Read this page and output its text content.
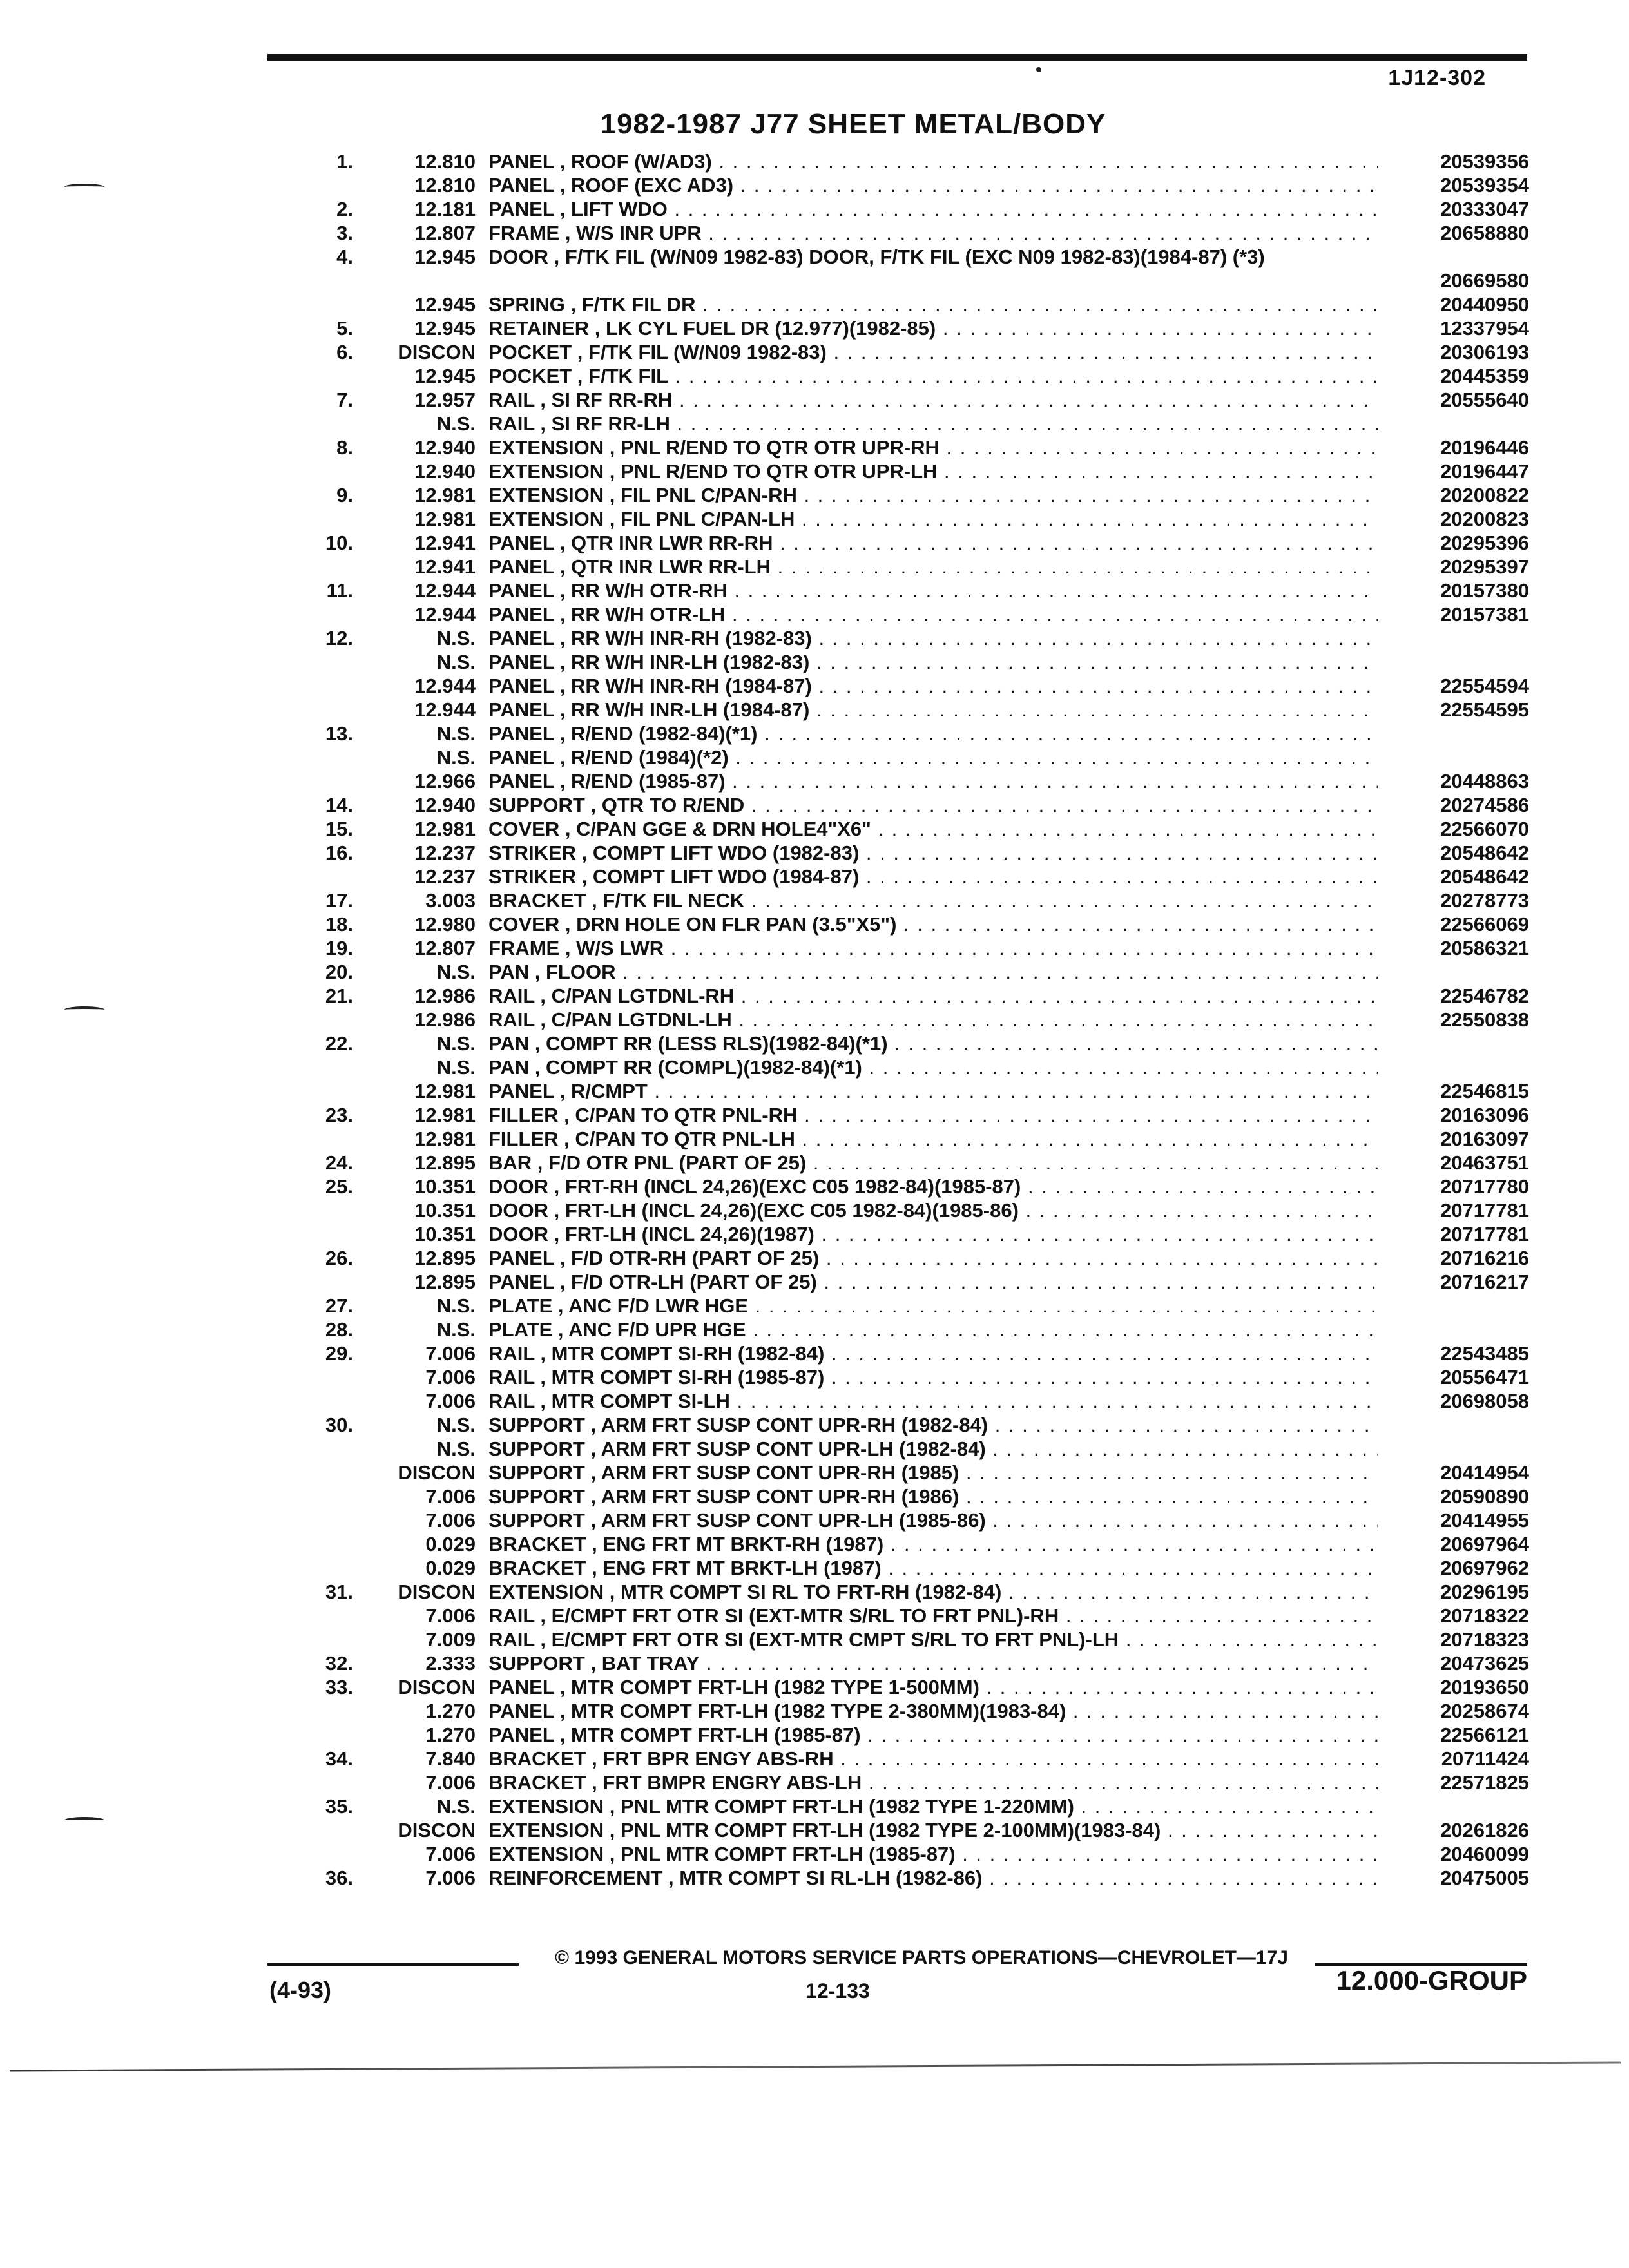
1J12-302
1982-1987 J77 SHEET METAL/BODY
1.	12.810 PANEL , ROOF (W/AD3) . . .	20539356
12.810 PANEL , ROOF (EXC AD3) . . .	20539354
2.	12.181 PANEL , LIFT WDO . . .	20333047
3.	12.807 FRAME , W/S INR UPR . . .	20658880
4.	12.945 DOOR , F/TK FIL (W/N09 1982-83) DOOR, F/TK FIL (EXC N09 1982-83)(1984-87) (*3)
20669580
12.945 SPRING , F/TK FIL DR . . .	20440950
5.	12.945 RETAINER , LK CYL FUEL DR (12.977)(1982-85) . . .	12337954
6. DISCON POCKET , F/TK FIL (W/N09 1982-83) . . .	20306193
12.945 POCKET , F/TK FIL . . .	20445359
7.	12.957 RAIL , SI RF RR-RH . . .	20555640
N.S. RAIL , SI RF RR-LH . . .
8.	12.940 EXTENSION , PNL R/END TO QTR OTR UPR-RH . . .	20196446
12.940 EXTENSION , PNL R/END TO QTR OTR UPR-LH . . .	20196447
9.	12.981 EXTENSION , FIL PNL C/PAN-RH . . .	20200822
12.981 EXTENSION , FIL PNL C/PAN-LH . . .	20200823
10.	12.941 PANEL , QTR INR LWR RR-RH . . .	20295396
12.941 PANEL , QTR INR LWR RR-LH . . .	20295397
11.	12.944 PANEL , RR W/H OTR-RH . . .	20157380
12.944 PANEL , RR W/H OTR-LH . . .	20157381
12.	N.S. PANEL , RR W/H INR-RH (1982-83) . . .
N.S. PANEL , RR W/H INR-LH (1982-83) . . .
12.944 PANEL , RR W/H INR-RH (1984-87) . . .	22554594
12.944 PANEL , RR W/H INR-LH (1984-87) . . .	22554595
13.	N.S. PANEL , R/END (1982-84)(*1) . . .
N.S. PANEL , R/END (1984)(*2) . . .
12.966 PANEL , R/END (1985-87) . . .	20448863
14.	12.940 SUPPORT , QTR TO R/END . . .	20274586
15.	12.981 COVER , C/PAN GGE & DRN HOLE4"X6" . . .	22566070
16.	12.237 STRIKER , COMPT LIFT WDO (1982-83) . . .	20548642
12.237 STRIKER , COMPT LIFT WDO (1984-87) . . .	20548642
17.	3.003 BRACKET , F/TK FIL NECK . . .	20278773
18.	12.980 COVER , DRN HOLE ON FLR PAN (3.5"X5") . . .	22566069
19.	12.807 FRAME , W/S LWR . . .	20586321
20.	N.S. PAN , FLOOR . . .
21.	12.986 RAIL , C/PAN LGTDNL-RH . . .	22546782
12.986 RAIL , C/PAN LGTDNL-LH . . .	22550838
22.	N.S. PAN , COMPT RR (LESS RLS)(1982-84)(*1) . . .
N.S. PAN , COMPT RR (COMPL)(1982-84)(*1) . . .
12.981 PANEL , R/CMPT . . .	22546815
23.	12.981 FILLER , C/PAN TO QTR PNL-RH . . .	20163096
12.981 FILLER , C/PAN TO QTR PNL-LH . . .	20163097
24.	12.895 BAR , F/D OTR PNL (PART OF 25) . . .	20463751
25.	10.351 DOOR , FRT-RH (INCL 24,26)(EXC C05 1982-84)(1985-87) . . .	20717780
10.351 DOOR , FRT-LH (INCL 24,26)(EXC C05 1982-84)(1985-86) . . .	20717781
10.351 DOOR , FRT-LH (INCL 24,26)(1987) . . .	20717781
26.	12.895 PANEL , F/D OTR-RH (PART OF 25) . . .	20716216
12.895 PANEL , F/D OTR-LH (PART OF 25) . . .	20716217
27.	N.S. PLATE , ANC F/D LWR HGE . . .
28.	N.S. PLATE , ANC F/D UPR HGE . . .
29.	7.006 RAIL , MTR COMPT SI-RH (1982-84) . . .	22543485
7.006 RAIL , MTR COMPT SI-RH (1985-87) . . .	20556471
7.006 RAIL , MTR COMPT SI-LH . . .	20698058
30.	N.S. SUPPORT , ARM FRT SUSP CONT UPR-RH (1982-84) . . .
N.S. SUPPORT , ARM FRT SUSP CONT UPR-LH (1982-84) . . .
DISCON SUPPORT , ARM FRT SUSP CONT UPR-RH (1985) . . .	20414954
7.006 SUPPORT , ARM FRT SUSP CONT UPR-RH (1986) . . .	20590890
7.006 SUPPORT , ARM FRT SUSP CONT UPR-LH (1985-86) . . .	20414955
0.029 BRACKET , ENG FRT MT BRKT-RH (1987) . . .	20697964
0.029 BRACKET , ENG FRT MT BRKT-LH (1987) . . .	20697962
31. DISCON EXTENSION , MTR COMPT SI RL TO FRT-RH (1982-84) . . .	20296195
7.006 RAIL , E/CMPT FRT OTR SI (EXT-MTR S/RL TO FRT PNL)-RH . . .	20718322
7.009 RAIL , E/CMPT FRT OTR SI (EXT-MTR CMPT S/RL TO FRT PNL)-LH . . .	20718323
32.	2.333 SUPPORT , BAT TRAY . . .	20473625
33. DISCON PANEL , MTR COMPT FRT-LH (1982 TYPE 1-500MM) . . .	20193650
1.270 PANEL , MTR COMPT FRT-LH (1982 TYPE 2-380MM)(1983-84) . . .	20258674
1.270 PANEL , MTR COMPT FRT-LH (1985-87) . . .	22566121
34.	7.840 BRACKET , FRT BPR ENGY ABS-RH . . .	20711424
7.006 BRACKET , FRT BMPR ENGRY ABS-LH . . .	22571825
35.	N.S. EXTENSION , PNL MTR COMPT FRT-LH (1982 TYPE 1-220MM) . . .
DISCON EXTENSION , PNL MTR COMPT FRT-LH (1982 TYPE 2-100MM)(1983-84) . . .	20261826
7.006 EXTENSION , PNL MTR COMPT FRT-LH (1985-87) . . .	20460099
36.	7.006 REINFORCEMENT , MTR COMPT SI RL-LH (1982-86) . . .	20475005
© 1993 GENERAL MOTORS SERVICE PARTS OPERATIONS—CHEVROLET—17J
(4-93)	12-133	12.000-GROUP
